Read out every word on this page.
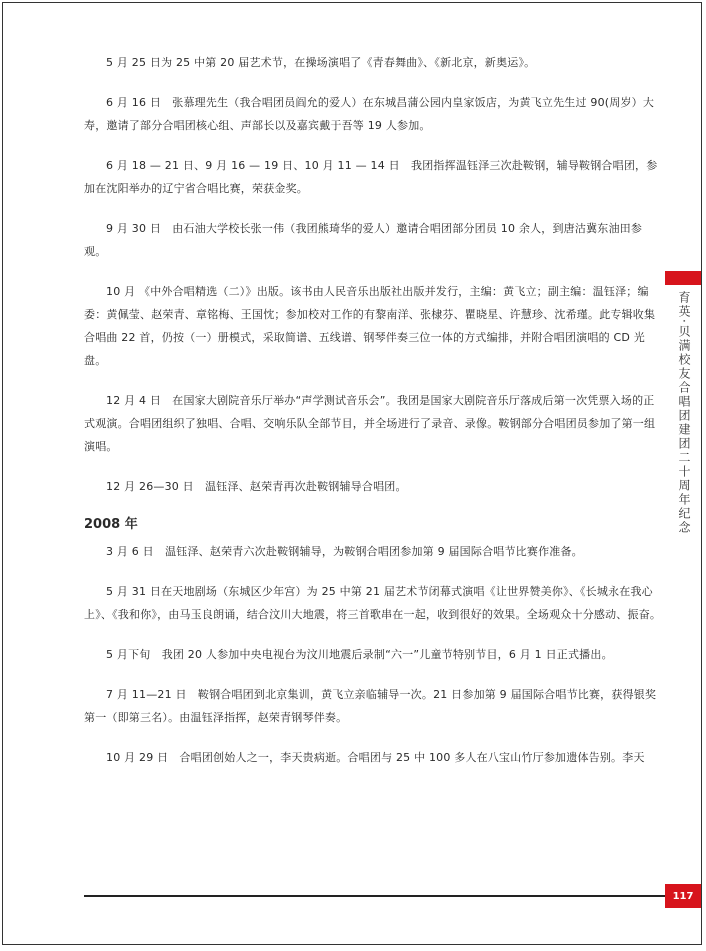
5 月 25 日为 25 中第 20 届艺术节，在操场演唱了《青春舞曲》、《新北京，新奥运》。

6 月 16 日　张慕理先生（我合唱团员阎允的爱人）在东城昌蒲公园内皇家饭店，为黄飞立先生过 90(周岁）大寿，邀请了部分合唱团核心组、声部长以及嘉宾戴于吾等 19 人参加。

6 月 18 — 21 日、9 月 16 — 19 日、10 月 11 — 14 日　我团指挥温钰泽三次赴鞍钢，辅导鞍钢合唱团，参加在沈阳举办的辽宁省合唱比赛，荣获金奖。

9 月 30 日　由石油大学校长张一伟（我团熊琦华的爱人）邀请合唱团部分团员 10 余人，到唐沽冀东油田参观。

10 月 《中外合唱精选（二）》出版。该书由人民音乐出版社出版并发行，主编：黄飞立；副主编：温钰泽；编委：黄佩莹、赵荣青、章铭梅、王国忱；参加校对工作的有黎南洋、张棣芬、瞿晓星、许慧珍、沈希瑾。此专辑收集合唱曲 22 首，仍按（一）册模式，采取简谱、五线谱、钢琴伴奏三位一体的方式编排，并附合唱团演唱的 CD 光盘。

12 月 4 日　在国家大剧院音乐厅举办“声学测试音乐会”。我团是国家大剧院音乐厅落成后第一次凭票入场的正式观演。合唱团组织了独唱、合唱、交响乐队全部节目，并全场进行了录音、录像。鞍钢部分合唱团员参加了第一组演唱。

12 月 26—30 日　温钰泽、赵荣青再次赴鞍钢辅导合唱团。

2008 年

3 月 6 日　温钰泽、赵荣青六次赴鞍钢辅导，为鞍钢合唱团参加第 9 届国际合唱节比赛作准备。

5 月 31 日在天地剧场（东城区少年宫）为 25 中第 21 届艺术节闭幕式演唱《让世界赞美你》、《长城永在我心上》、《我和你》，由马玉良朗诵，结合汶川大地震，将三首歌串在一起，收到很好的效果。全场观众十分感动、振奋。

5 月下旬　我团 20 人参加中央电视台为汶川地震后录制“六一”儿童节特别节目，6 月 1 日正式播出。

7 月 11—21 日　鞍钢合唱团到北京集训，黄飞立亲临辅导一次。21 日参加第 9 届国际合唱节比赛，获得银奖第一（即第三名）。由温钰泽指挥，赵荣青钢琴伴奏。

10 月 29 日　合唱团创始人之一，李天贵病逝。合唱团与 25 中 100 多人在八宝山竹厅参加遗体告别。李天

育英·贝满校友合唱团建团二十周年纪念
117
